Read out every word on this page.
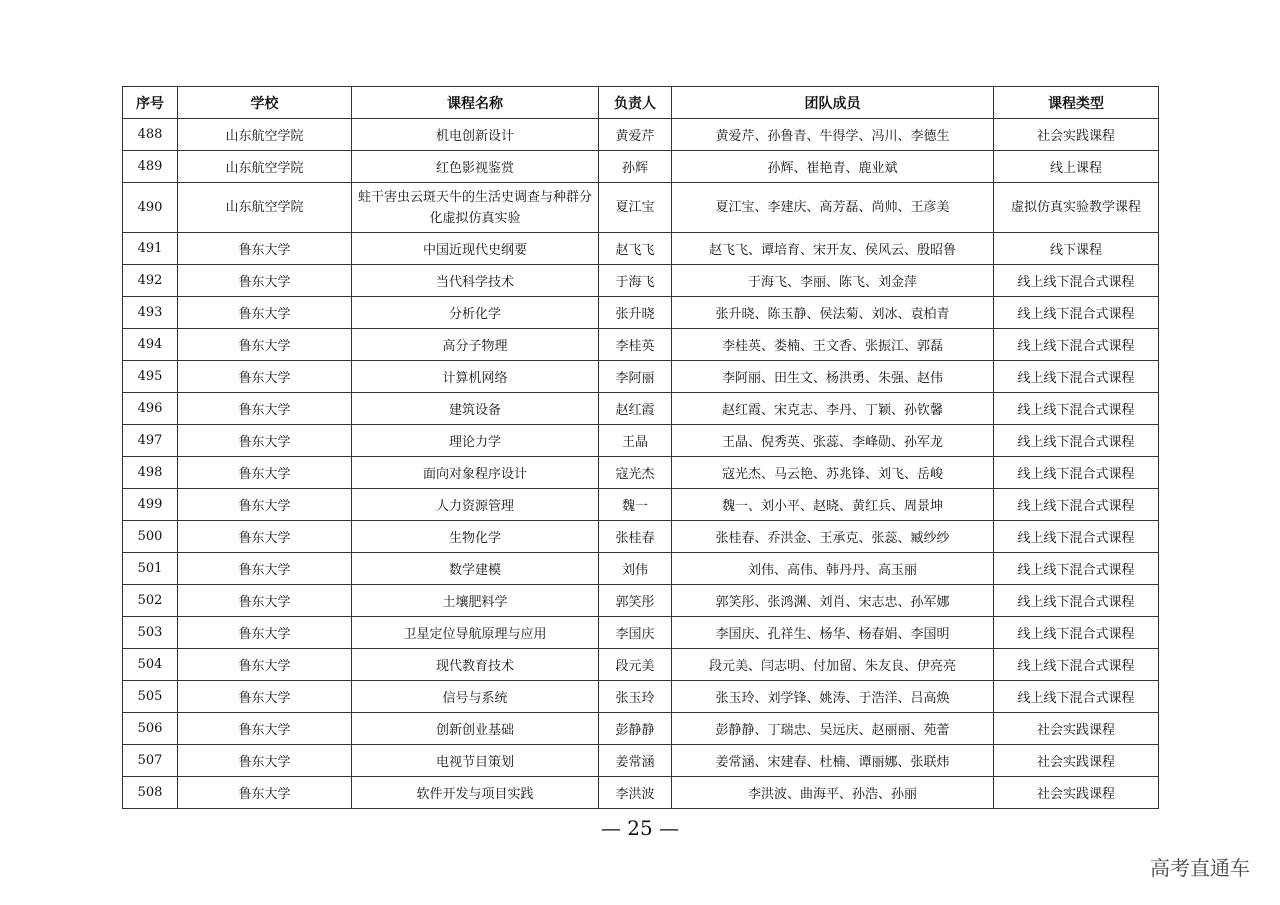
序号	学校	课程名称	负责人	团队成员	课程类型
488	山东航空学院	机电创新设计	黄爱芹	黄爱芹、孙鲁青、牛得学、冯川、李德生	社会实践课程
489	山东航空学院	红色影视鉴赏	孙辉	孙辉、崔艳青、鹿业斌	线上课程
490	山东航空学院	蛀干害虫云斑天牛的生活史调查与种群分化虚拟仿真实验	夏江宝	夏江宝、李建庆、高芳磊、尚帅、王彦美	虚拟仿真实验教学课程
491	鲁东大学	中国近现代史纲要	赵飞飞	赵飞飞、谭培育、宋开友、侯风云、殷昭鲁	线下课程
492	鲁东大学	当代科学技术	于海飞	于海飞、李丽、陈飞、刘金萍	线上线下混合式课程
493	鲁东大学	分析化学	张升晓	张升晓、陈玉静、侯法菊、刘冰、袁柏青	线上线下混合式课程
494	鲁东大学	高分子物理	李桂英	李桂英、娄楠、王文香、张振江、郭磊	线上线下混合式课程
495	鲁东大学	计算机网络	李阿丽	李阿丽、田生文、杨洪勇、朱强、赵伟	线上线下混合式课程
496	鲁东大学	建筑设备	赵红霞	赵红霞、宋克志、李丹、丁颖、孙钦馨	线上线下混合式课程
497	鲁东大学	理论力学	王晶	王晶、倪秀英、张蕊、李峰勋、孙军龙	线上线下混合式课程
498	鲁东大学	面向对象程序设计	寇光杰	寇光杰、马云艳、苏兆锋、刘飞、岳峻	线上线下混合式课程
499	鲁东大学	人力资源管理	魏一	魏一、刘小平、赵晓、黄红兵、周景坤	线上线下混合式课程
500	鲁东大学	生物化学	张桂春	张桂春、乔洪金、王承克、张蕊、臧纱纱	线上线下混合式课程
501	鲁东大学	数学建模	刘伟	刘伟、高伟、韩丹丹、高玉丽	线上线下混合式课程
502	鲁东大学	土壤肥料学	郭笑彤	郭笑彤、张鸿渊、刘肖、宋志忠、孙军娜	线上线下混合式课程
503	鲁东大学	卫星定位导航原理与应用	李国庆	李国庆、孔祥生、杨华、杨春娟、李国明	线上线下混合式课程
504	鲁东大学	现代教育技术	段元美	段元美、闫志明、付加留、朱友良、伊亮亮	线上线下混合式课程
505	鲁东大学	信号与系统	张玉玲	张玉玲、刘学锋、姚涛、于浩洋、吕高焕	线上线下混合式课程
506	鲁东大学	创新创业基础	彭静静	彭静静、丁瑞忠、吴远庆、赵丽丽、苑蕾	社会实践课程
507	鲁东大学	电视节目策划	姜常涵	姜常涵、宋建春、杜楠、谭丽娜、张联炜	社会实践课程
508	鲁东大学	软件开发与项目实践	李洪波	李洪波、曲海平、孙浩、孙丽	社会实践课程
— 25 —
高考直通车
